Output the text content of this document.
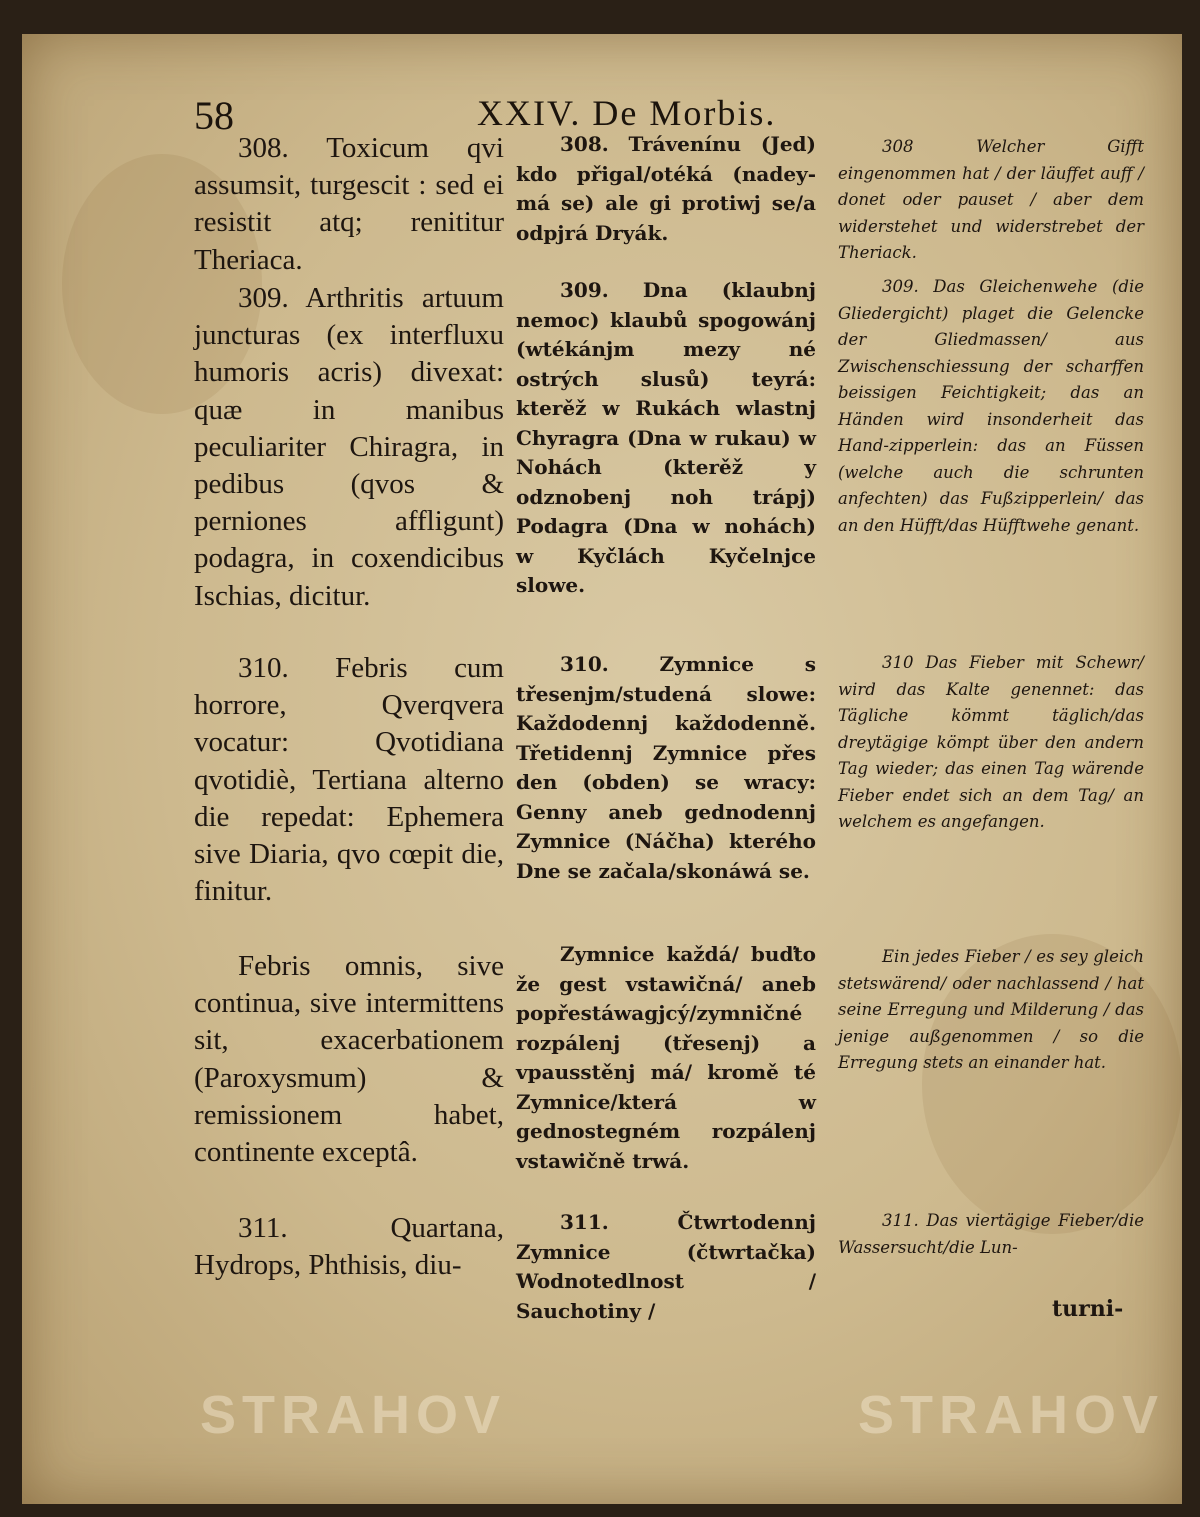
58	XXIV. De Morbis.

308. Toxicum qvi assumsit, turgescit : sed ei resistit atq; renititur Theriaca.

309. Arthritis artuum juncturas (ex interfluxu humoris acris) divexat: quæ in manibus peculiariter Chiragra, in pedibus (qvos & perniones affligunt) podagra, in coxendicibus Ischias, dicitur.

310. Febris cum horrore, Qverqvera vocatur: Qvotidiana qvotidiè, Tertiana alterno die repedat: Ephemera sive Diaria, qvo cœpit die, finitur.

Febris omnis, sive continua, sive intermittens sit, exacerbationem (Paroxysmum) & remissionem habet, continente exceptâ.

311. Quartana, Hydrops, Phthisis, diu-

308. Trávenínu (Jed) kdo přigal/otéká (nadey-má se) ale gi protiwj se/a odpjrá Dryák.

309. Dna (klaubnj nemoc) klaubů spogowánj (wtékánjm mezy né ostrých slusů) teyrá: kterěž w Rukách wlastnj Chyragra (Dna w rukau) w Nohách (kterěž y odznobenj noh trápj) Podagra (Dna w nohách) w Kyčlách Kyčelnjce slowe.

310. Zymnice s třesenjm/studená slowe: Každodennj každodenně. Třetidennj Zymnice přes den (obden) se wracy: Genny aneb gednodennj Zymnice (Náčha) kterého Dne se začala/skonáwá se.

Zymnice každá/ buďto že gest vstawičná/ aneb popřestáwagjcý/zymničné rozpálenj (třesenj) a vpausstěnj má/ kromě té Zymnice/která w gednostegném rozpálenj vstawičně trwá.

311. Čtwrtodennj Zymnice (čtwrtačka) Wodnotedlnost / Sauchotiny /

308 Welcher Gifft eingenommen hat / der läuffet auff / donet oder pauset / aber dem widerstehet und widerstrebet der Theriack.

309. Das Gleichenwehe (die Gliedergicht) plaget die Gelencke der Gliedmassen/ aus Zwischenschiessung der scharffen beissigen Feichtigkeit; das an Händen wird insonderheit das Hand-zipperlein: das an Füssen (welche auch die schrunten anfechten) das Fußzipperlein/ das an den Hüfft/das Hüfftwehe genant.

310 Das Fieber mit Schewr/ wird das Kalte genennet: das Tägliche kömmt täglich/das dreytägige kömpt über den andern Tag wieder; das einen Tag wärende Fieber endet sich an dem Tag/ an welchem es angefangen.

Ein jedes Fieber / es sey gleich stetswärend/ oder nachlassend / hat seine Erregung und Milderung / das jenige außgenommen / so die Erregung stets an einander hat.

311. Das viertägige Fieber/die Wassersucht/die Lun-

turni-
STRAHOV	STRAHOV
